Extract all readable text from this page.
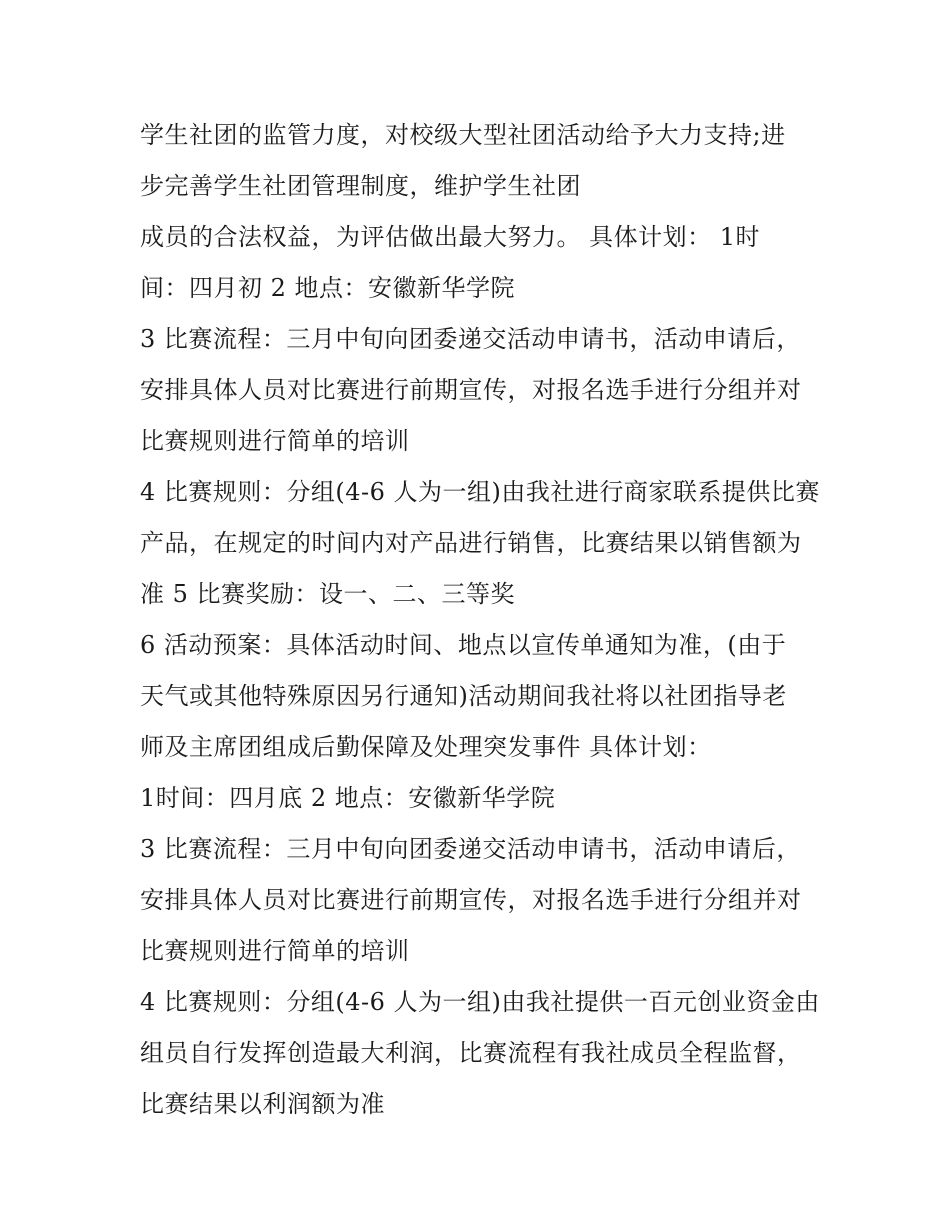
学生社团的监管力度，对校级大型社团活动给予大力支持;进
步完善学生社团管理制度，维护学生社团
成员的合法权益，为评估做出最大努力。 具体计划： 1时
间：四月初 2 地点：安徽新华学院
3 比赛流程：三月中旬向团委递交活动申请书，活动申请后，
安排具体人员对比赛进行前期宣传，对报名选手进行分组并对
比赛规则进行简单的培训
4 比赛规则：分组(4-6 人为一组)由我社进行商家联系提供比赛
产品，在规定的时间内对产品进行销售，比赛结果以销售额为
准 5 比赛奖励：设一、二、三等奖
6 活动预案：具体活动时间、地点以宣传单通知为准，(由于
天气或其他特殊原因另行通知)活动期间我社将以社团指导老
师及主席团组成后勤保障及处理突发事件 具体计划：
1时间：四月底 2 地点：安徽新华学院
3 比赛流程：三月中旬向团委递交活动申请书，活动申请后，
安排具体人员对比赛进行前期宣传，对报名选手进行分组并对
比赛规则进行简单的培训
4 比赛规则：分组(4-6 人为一组)由我社提供一百元创业资金由
组员自行发挥创造最大利润，比赛流程有我社成员全程监督，
比赛结果以利润额为准
